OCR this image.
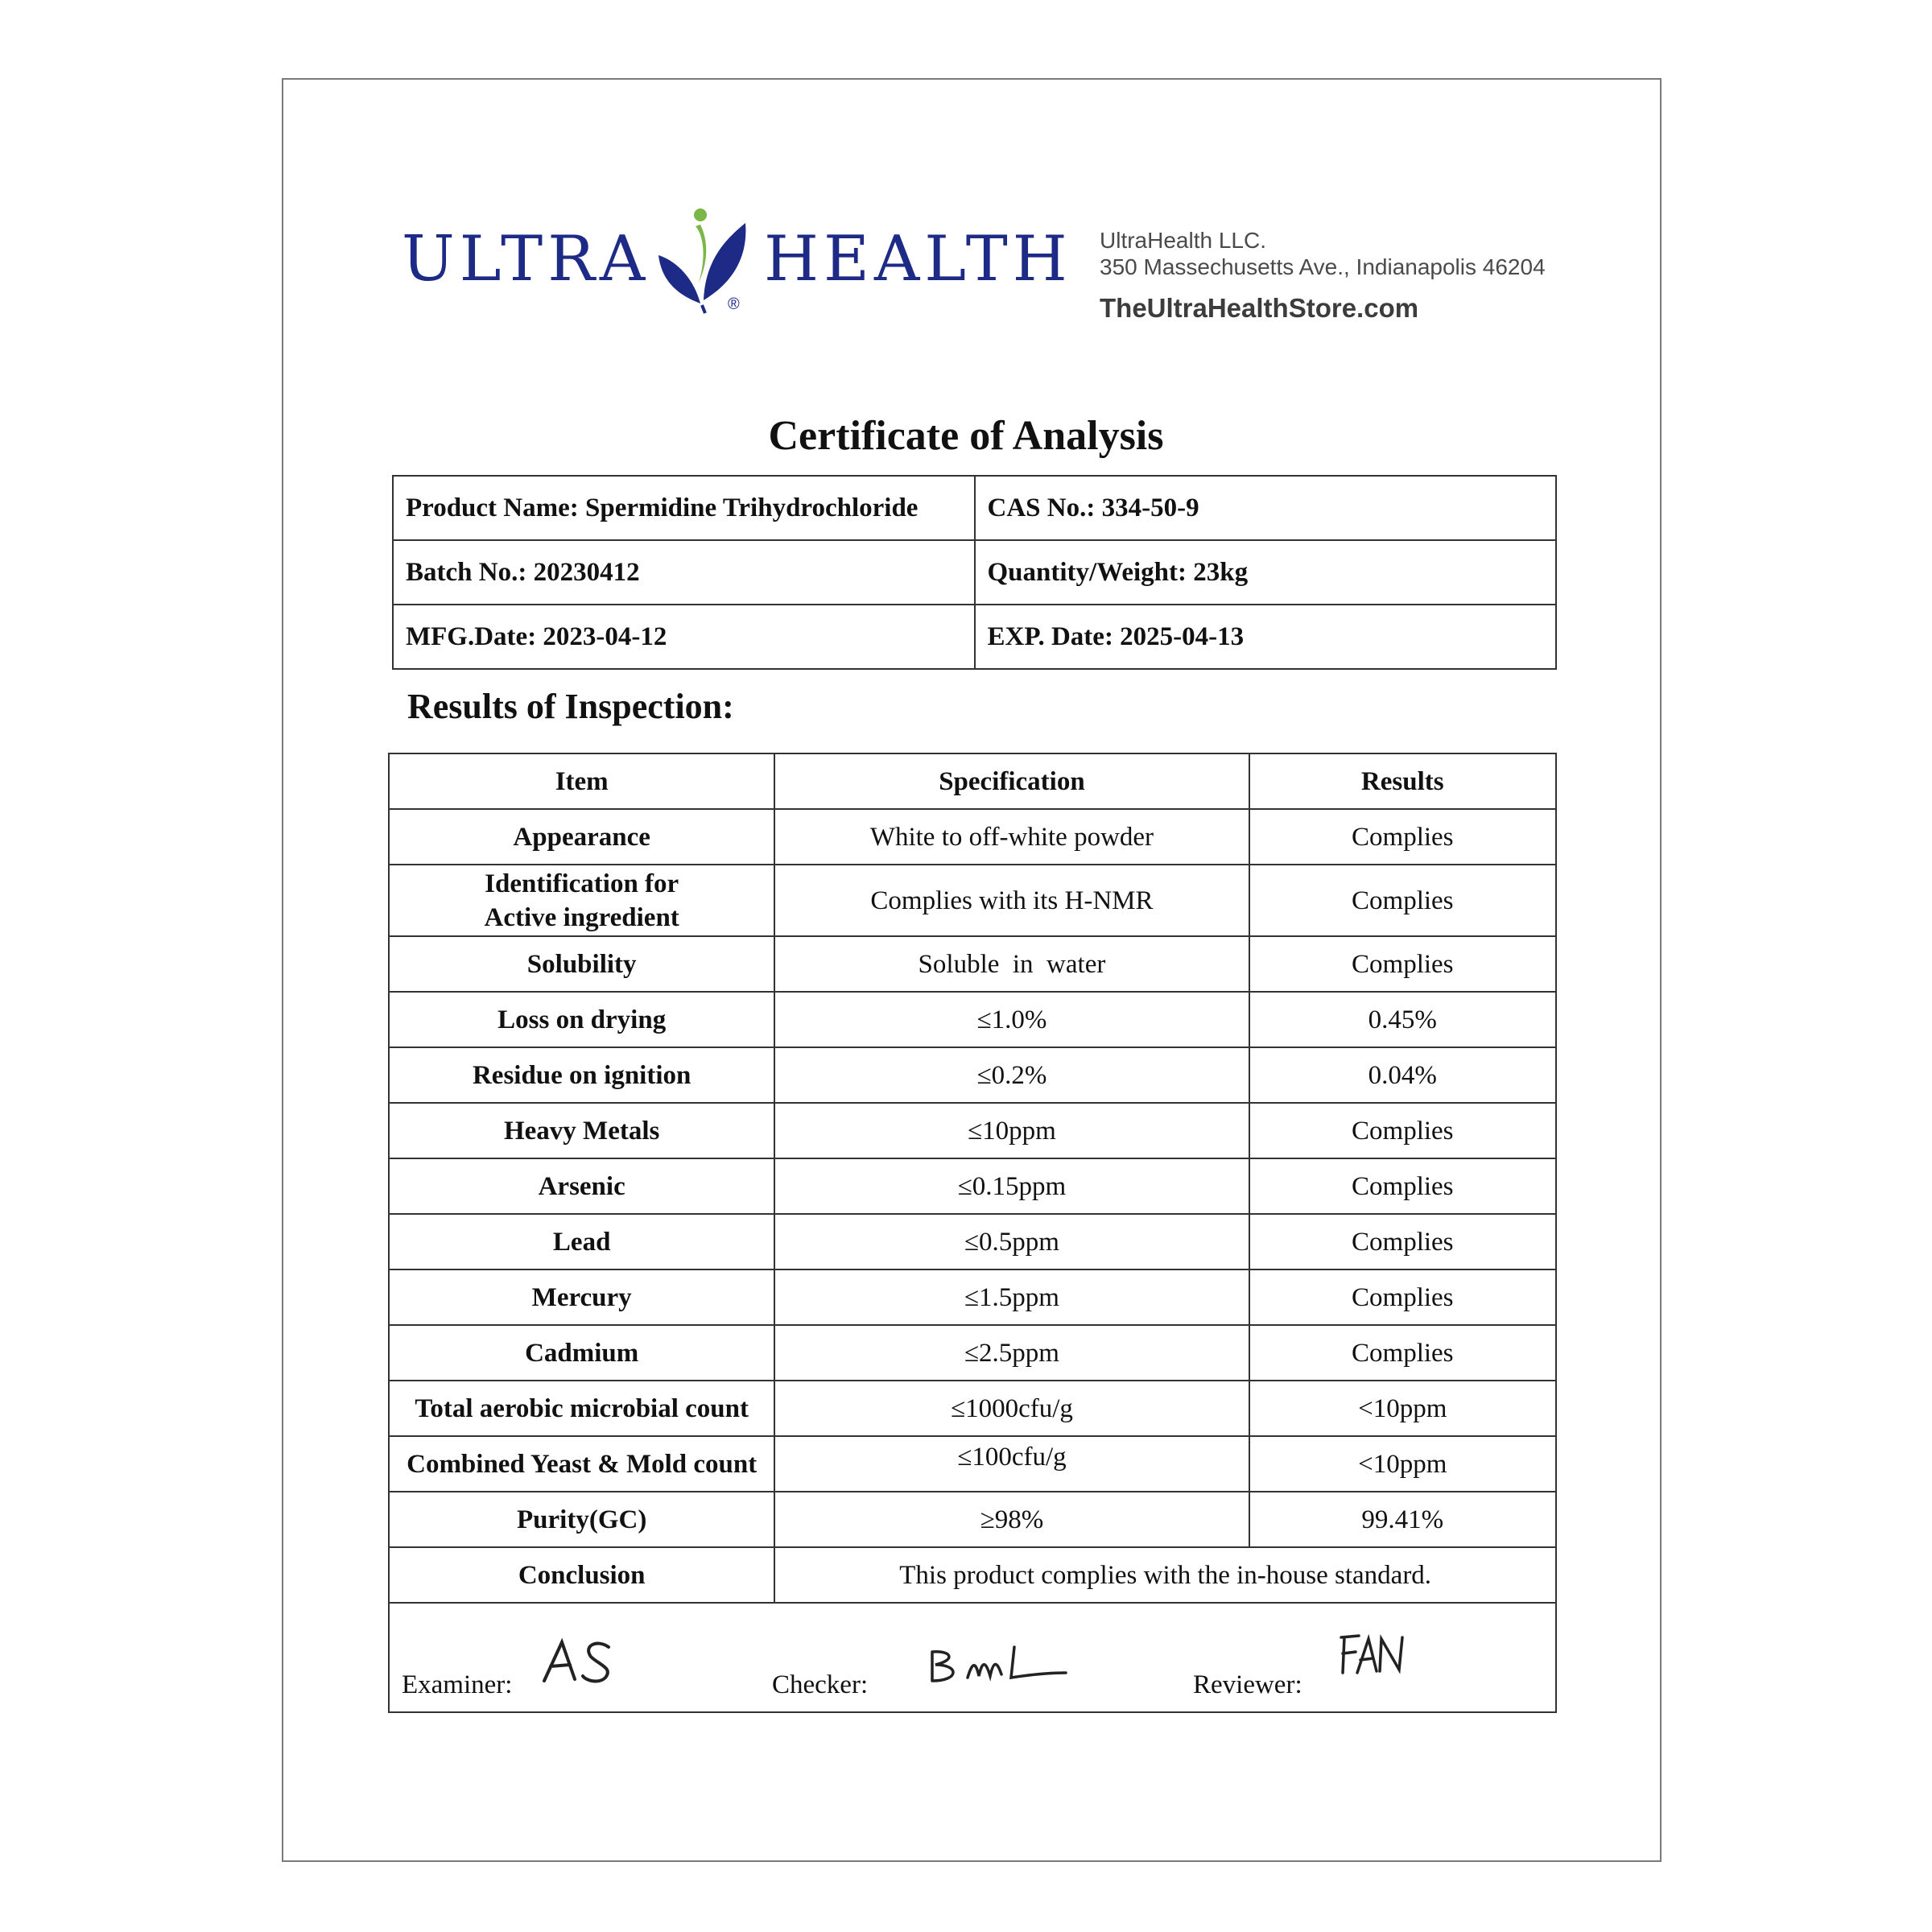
ULTRA HEALTH
®
UltraHealth LLC.
350 Massechusetts Ave., Indianapolis 46204
TheUltraHealthStore.com
Certificate of Analysis
Product Name: Spermidine Trihydrochloride	CAS No.: 334-50-9
Batch No.: 20230412	Quantity/Weight: 23kg
MFG.Date: 2023-04-12	EXP. Date: 2025-04-13
Results of Inspection:
Item	Specification	Results
Appearance	White to off-white powder	Complies
Identification for
Active ingredient	Complies with its H-NMR	Complies
Solubility	Soluble  in  water	Complies
Loss on drying	≤1.0%	0.45%
Residue on ignition	≤0.2%	0.04%
Heavy Metals	≤10ppm	Complies
Arsenic	≤0.15ppm	Complies
Lead	≤0.5ppm	Complies
Mercury	≤1.5ppm	Complies
Cadmium	≤2.5ppm	Complies
Total aerobic microbial count	≤1000cfu/g	<10ppm
Combined Yeast & Mold count	≤100cfu/g	<10ppm
Purity(GC)	≥98%	99.41%
Conclusion	This product complies with the in-house standard.	

Examiner: Checker: Reviewer:		
